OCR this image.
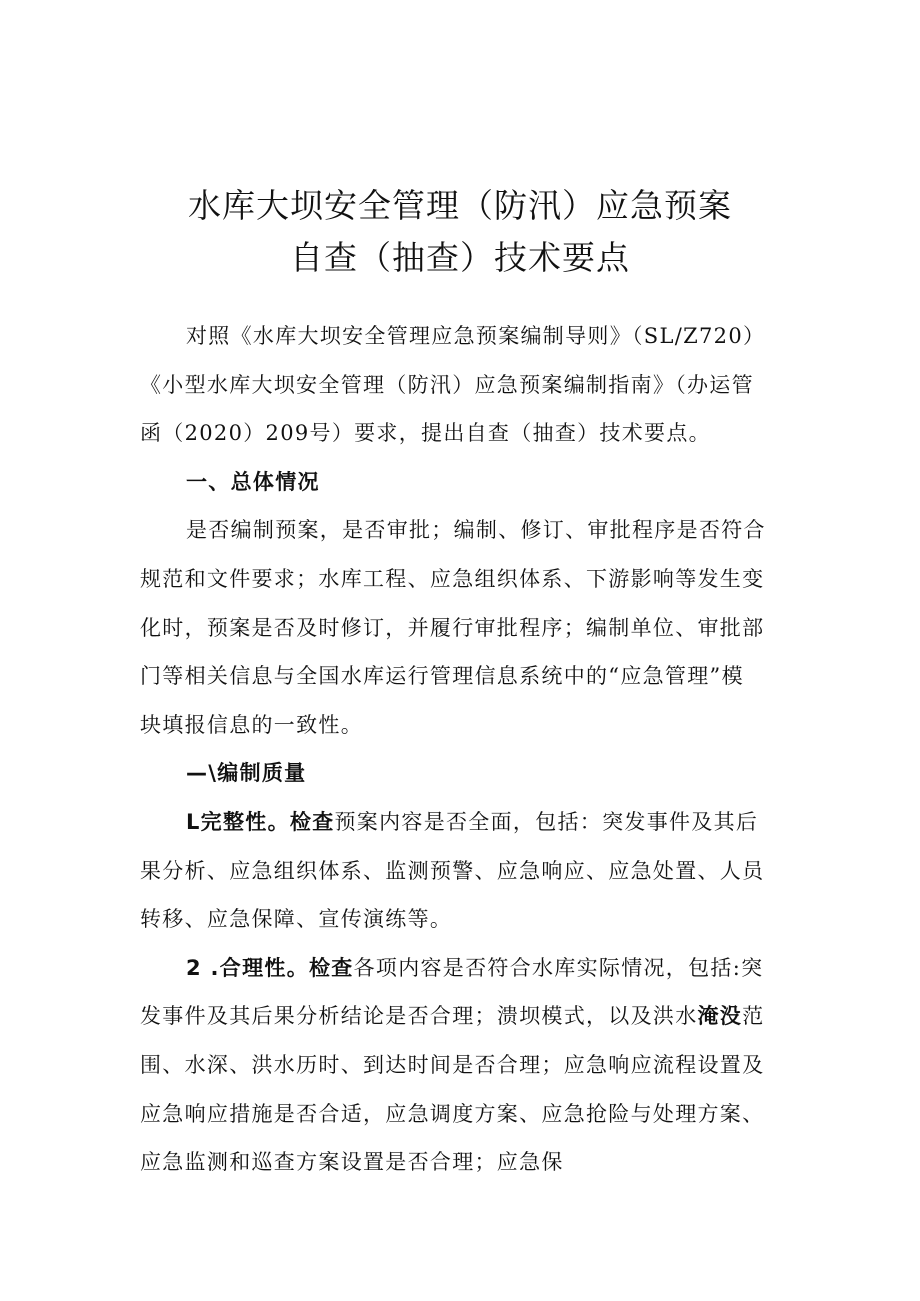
水库大坝安全管理（防汛）应急预案
自查（抽查）技术要点
对照《水库大坝安全管理应急预案编制导则》（SL/Z720）
《小型水库大坝安全管理（防汛）应急预案编制指南》（办运管
函（2020）209号）要求，提出自查（抽查）技术要点。
一、总体情况
是否编制预案，是否审批；编制、修订、审批程序是否符合
规范和文件要求；水库工程、应急组织体系、下游影响等发生变
化时，预案是否及时修订，并履行审批程序；编制单位、审批部
门等相关信息与全国水库运行管理信息系统中的“应急管理”模
块填报信息的一致性。
—\编制质量
L完整性。检查预案内容是否全面，包括：突发事件及其后
果分析、应急组织体系、监测预警、应急响应、应急处置、人员
转移、应急保障、宣传演练等。
2 .合理性。检查各项内容是否符合水库实际情况，包括:突
发事件及其后果分析结论是否合理；溃坝模式，以及洪水淹没范
围、水深、洪水历时、到达时间是否合理；应急响应流程设置及
应急响应措施是否合适，应急调度方案、应急抢险与处理方案、
应急监测和巡查方案设置是否合理；应急保
